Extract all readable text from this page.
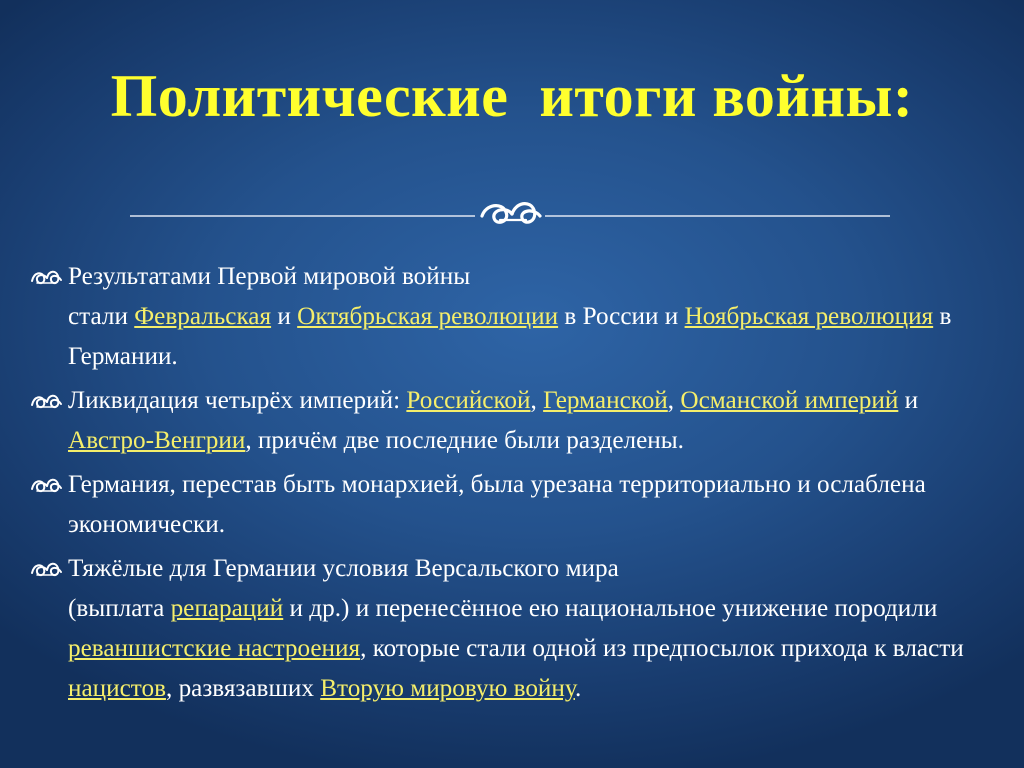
Политические  итоги войны:
Результатами Первой мировой войны
стали Февральская и Октябрьская революции в России и Ноябрьская революция в Германии.
Ликвидация четырёх империй: Российской, Германской, Османской империй и Австро-Венгрии, причём две последние были разделены.
Германия, перестав быть монархией, была урезана территориально и ослаблена экономически.
Тяжёлые для Германии условия Версальского мира
(выплата репараций и др.) и перенесённое ею национальное унижение породили реваншистские настроения, которые стали одной из предпосылок прихода к власти нацистов, развязавших Вторую мировую войну.
